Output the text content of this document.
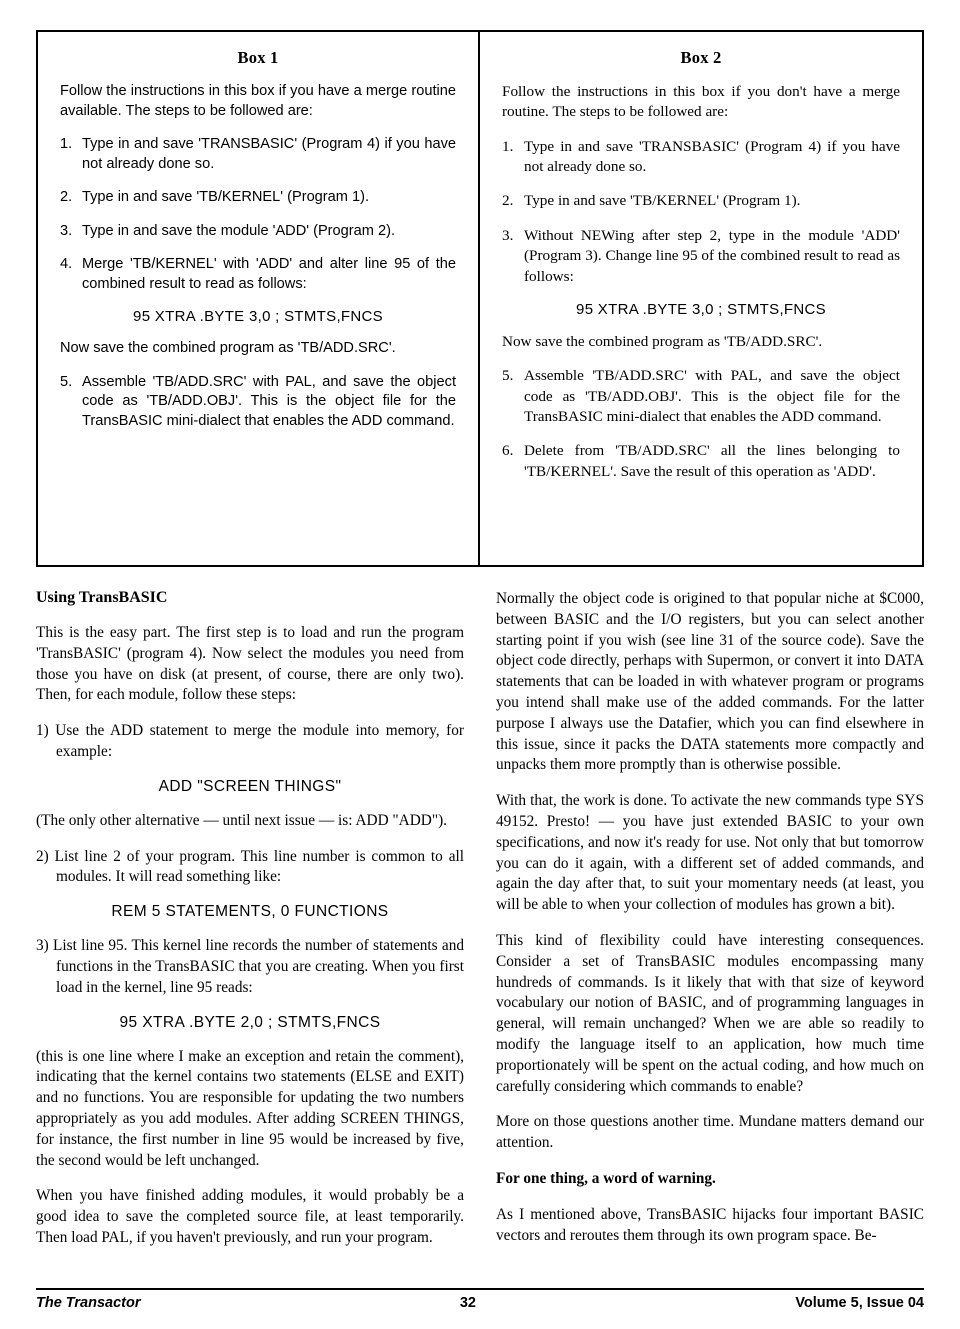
Box 1

Follow the instructions in this box if you have a merge routine available. The steps to be followed are:

1. Type in and save 'TRANSBASIC' (Program 4) if you have not already done so.
2. Type in and save 'TB/KERNEL' (Program 1).
3. Type in and save the module 'ADD' (Program 2).
4. Merge 'TB/KERNEL' with 'ADD' and alter line 95 of the combined result to read as follows:
95 XTRA .BYTE 3,0 ; STMTS,FNCS

Now save the combined program as 'TB/ADD.SRC'.

5. Assemble 'TB/ADD.SRC' with PAL, and save the object code as 'TB/ADD.OBJ'. This is the object file for the TransBASIC mini-dialect that enables the ADD command.
Box 2

Follow the instructions in this box if you don't have a merge routine. The steps to be followed are:

1. Type in and save 'TRANSBASIC' (Program 4) if you have not already done so.
2. Type in and save 'TB/KERNEL' (Program 1).
3. Without NEWing after step 2, type in the module 'ADD' (Program 3). Change line 95 of the combined result to read as follows:
95 XTRA .BYTE 3,0 ; STMTS,FNCS

Now save the combined program as 'TB/ADD.SRC'.

5. Assemble 'TB/ADD.SRC' with PAL, and save the object code as 'TB/ADD.OBJ'. This is the object file for the TransBASIC mini-dialect that enables the ADD command.
6. Delete from 'TB/ADD.SRC' all the lines belonging to 'TB/KERNEL'. Save the result of this operation as 'ADD'.
Using TransBASIC

This is the easy part. The first step is to load and run the program 'TransBASIC' (program 4). Now select the modules you need from those you have on disk (at present, of course, there are only two). Then, for each module, follow these steps:

1) Use the ADD statement to merge the module into memory, for example:

ADD "SCREEN THINGS"

(The only other alternative — until next issue — is: ADD "ADD").

2) List line 2 of your program. This line number is common to all modules. It will read something like:

REM 5 STATEMENTS, 0 FUNCTIONS

3) List line 95. This kernel line records the number of statements and functions in the TransBASIC that you are creating. When you first load in the kernel, line 95 reads:

95 XTRA .BYTE 2,0 ; STMTS,FNCS

(this is one line where I make an exception and retain the comment), indicating that the kernel contains two statements (ELSE and EXIT) and no functions. You are responsible for updating the two numbers appropriately as you add modules. After adding SCREEN THINGS, for instance, the first number in line 95 would be increased by five, the second would be left unchanged.

When you have finished adding modules, it would probably be a good idea to save the completed source file, at least temporarily. Then load PAL, if you haven't previously, and run your program.

Normally the object code is origined to that popular niche at $C000, between BASIC and the I/O registers, but you can select another starting point if you wish (see line 31 of the source code). Save the object code directly, perhaps with Supermon, or convert it into DATA statements that can be loaded in with whatever program or programs you intend shall make use of the added commands. For the latter purpose I always use the Datafier, which you can find elsewhere in this issue, since it packs the DATA statements more compactly and unpacks them more promptly than is otherwise possible.

With that, the work is done. To activate the new commands type SYS 49152. Presto! — you have just extended BASIC to your own specifications, and now it's ready for use. Not only that but tomorrow you can do it again, with a different set of added commands, and again the day after that, to suit your momentary needs (at least, you will be able to when your collection of modules has grown a bit).

This kind of flexibility could have interesting consequences. Consider a set of TransBASIC modules encompassing many hundreds of commands. Is it likely that with that size of keyword vocabulary our notion of BASIC, and of programming languages in general, will remain unchanged? When we are able so readily to modify the language itself to an application, how much time proportionately will be spent on the actual coding, and how much on carefully considering which commands to enable?

More on those questions another time. Mundane matters demand our attention.

For one thing, a word of warning.

As I mentioned above, TransBASIC hijacks four important BASIC vectors and reroutes them through its own program space. Be-

The Transactor	32	Volume 5, Issue 04
